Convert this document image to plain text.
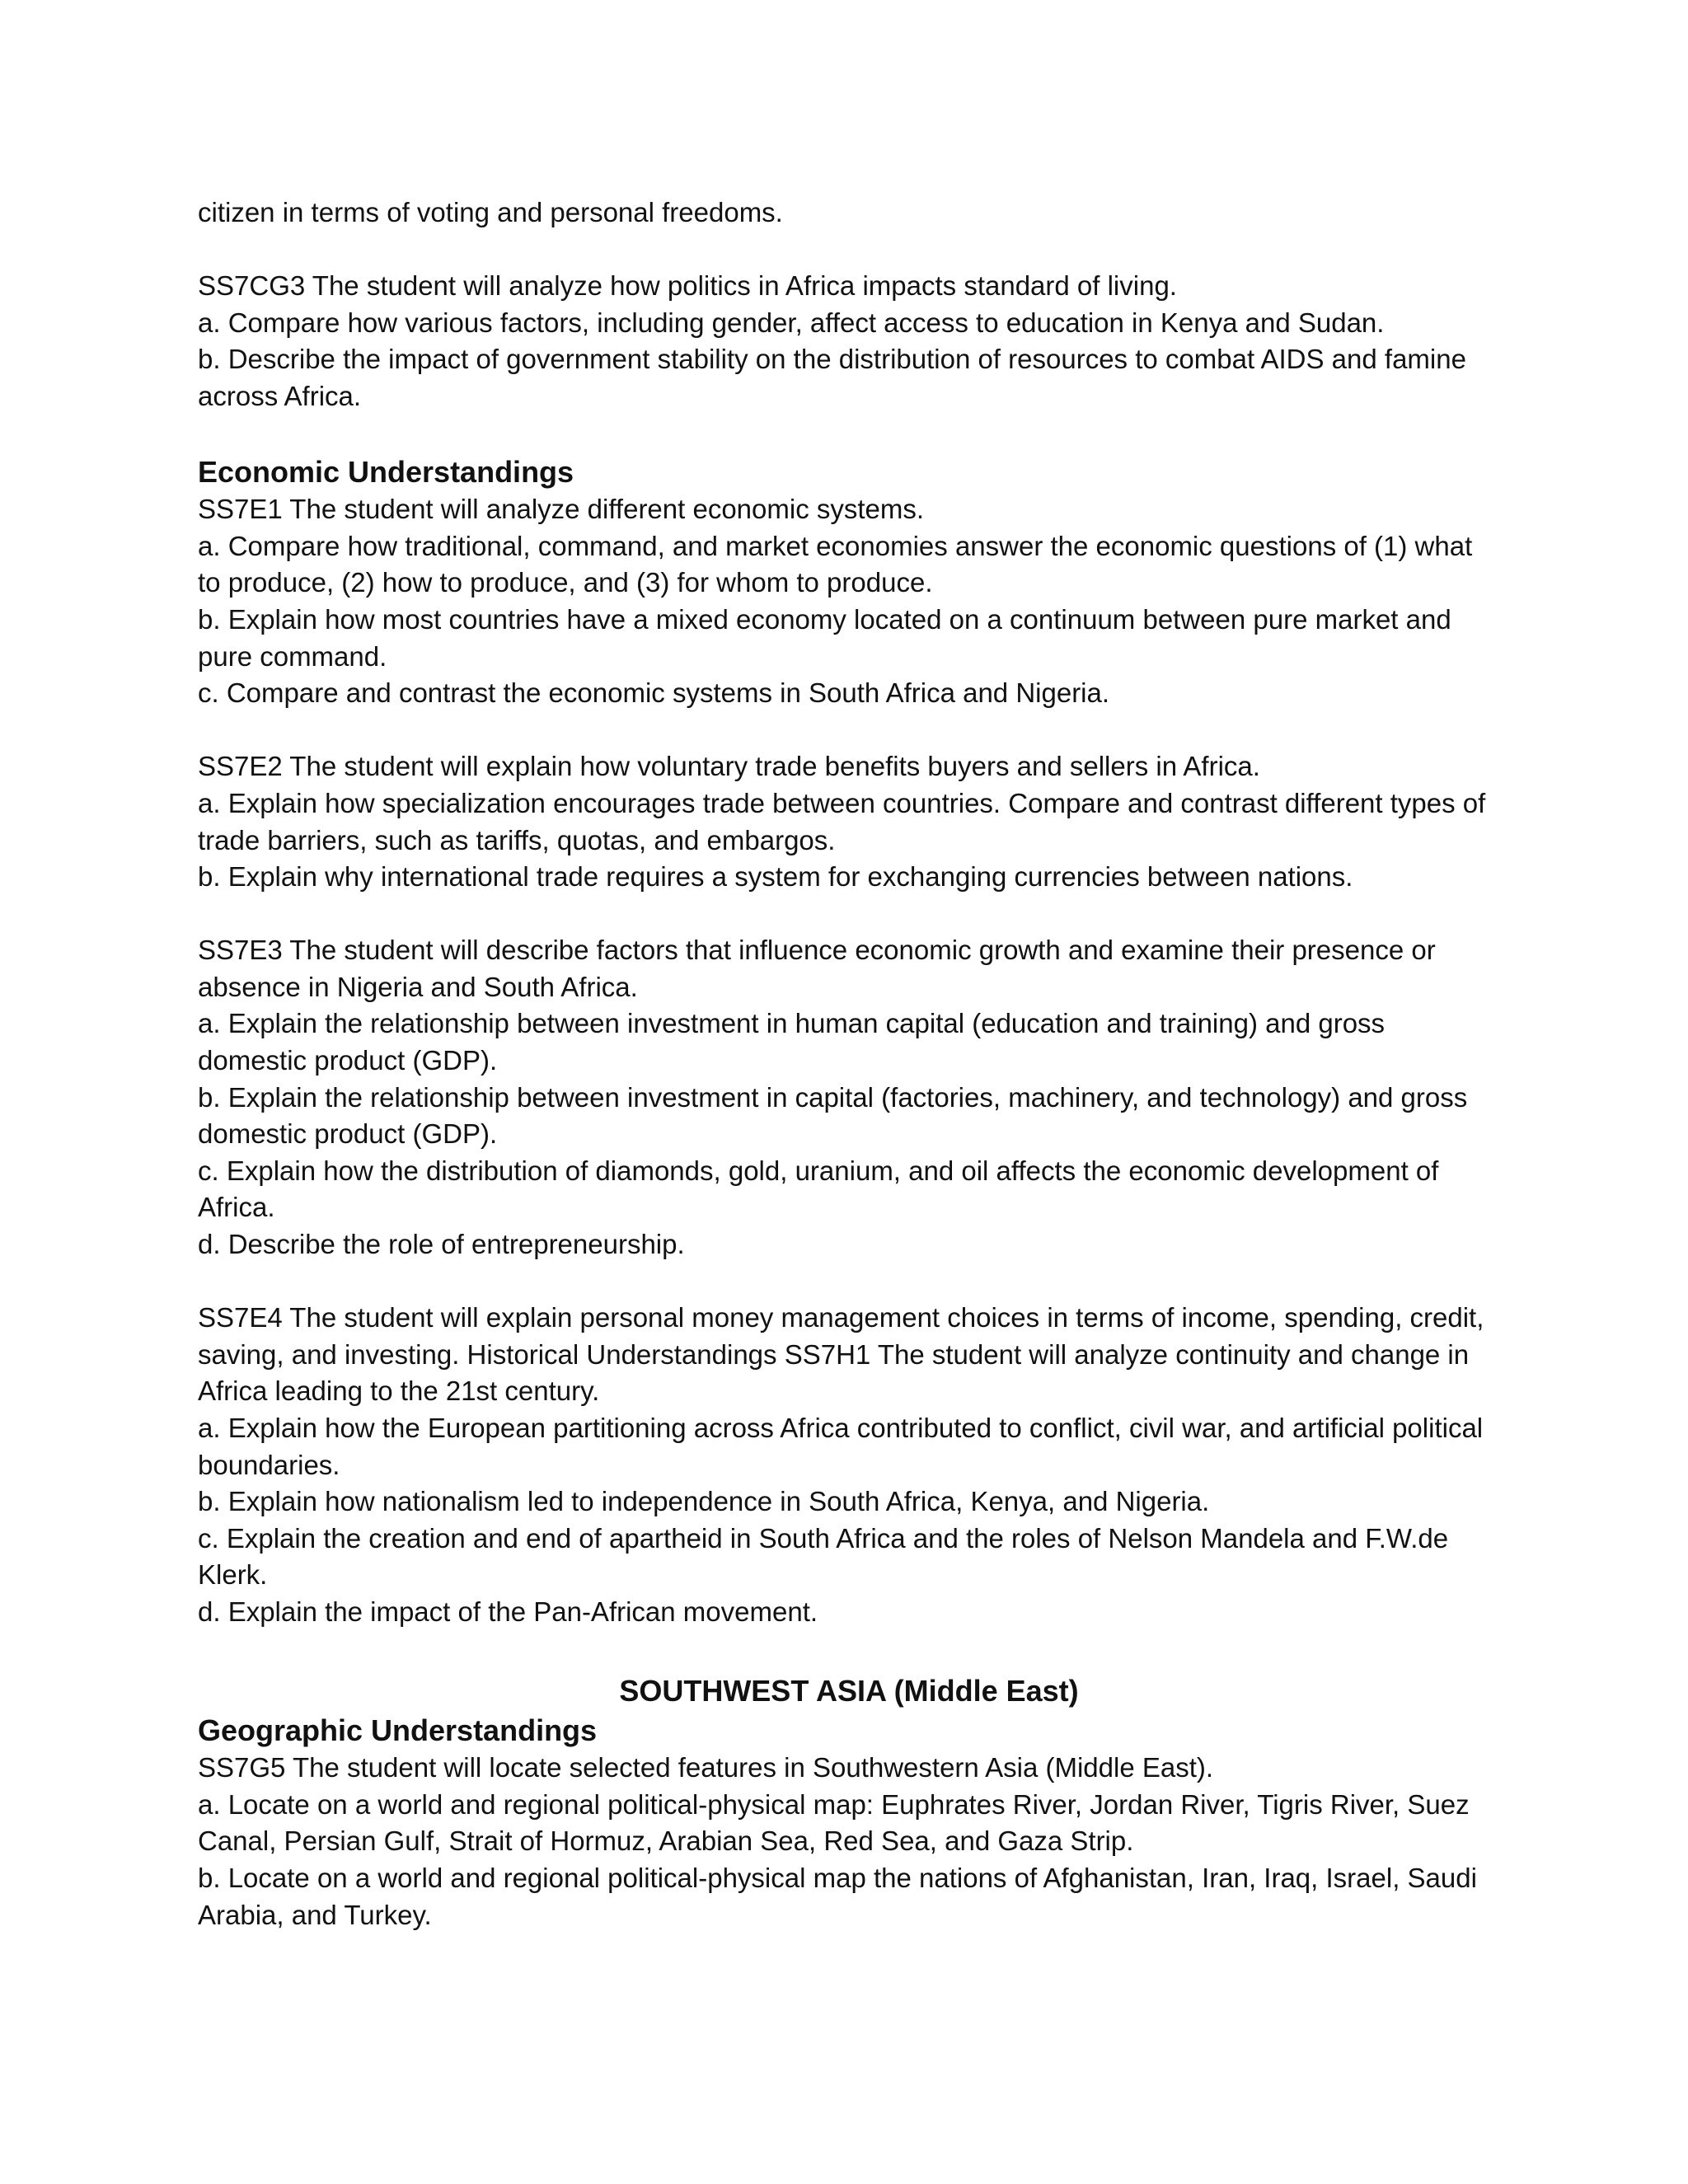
citizen in terms of voting and personal freedoms.

SS7CG3 The student will analyze how politics in Africa impacts standard of living.

a. Compare how various factors, including gender, affect access to education in Kenya and Sudan.

b. Describe the impact of government stability on the distribution of resources to combat AIDS and famine across Africa.

Economic Understandings

SS7E1 The student will analyze different economic systems.

a. Compare how traditional, command, and market economies answer the economic questions of (1) what to produce, (2) how to produce, and (3) for whom to produce.

b. Explain how most countries have a mixed economy located on a continuum between pure market and pure command.

c. Compare and contrast the economic systems in South Africa and Nigeria.

SS7E2 The student will explain how voluntary trade benefits buyers and sellers in Africa.

a. Explain how specialization encourages trade between countries. Compare and contrast different types of trade barriers, such as tariffs, quotas, and embargos.

b. Explain why international trade requires a system for exchanging currencies between nations.

SS7E3 The student will describe factors that influence economic growth and examine their presence or absence in Nigeria and South Africa.

a. Explain the relationship between investment in human capital (education and training) and gross domestic product (GDP).

b. Explain the relationship between investment in capital (factories, machinery, and technology) and gross domestic product (GDP).

c. Explain how the distribution of diamonds, gold, uranium, and oil affects the economic development of Africa.

d. Describe the role of entrepreneurship.

SS7E4 The student will explain personal money management choices in terms of income, spending, credit, saving, and investing. Historical Understandings SS7H1 The student will analyze continuity and change in Africa leading to the 21st century.

a. Explain how the European partitioning across Africa contributed to conflict, civil war, and artificial political boundaries.

b. Explain how nationalism led to independence in South Africa, Kenya, and Nigeria.

c. Explain the creation and end of apartheid in South Africa and the roles of Nelson Mandela and F.W.de Klerk.

d. Explain the impact of the Pan-African movement.

SOUTHWEST ASIA (Middle East)
Geographic Understandings

SS7G5 The student will locate selected features in Southwestern Asia (Middle East).

a. Locate on a world and regional political-physical map: Euphrates River, Jordan River, Tigris River, Suez Canal, Persian Gulf, Strait of Hormuz, Arabian Sea, Red Sea, and Gaza Strip.

b. Locate on a world and regional political-physical map the nations of Afghanistan, Iran, Iraq, Israel, Saudi Arabia, and Turkey.
